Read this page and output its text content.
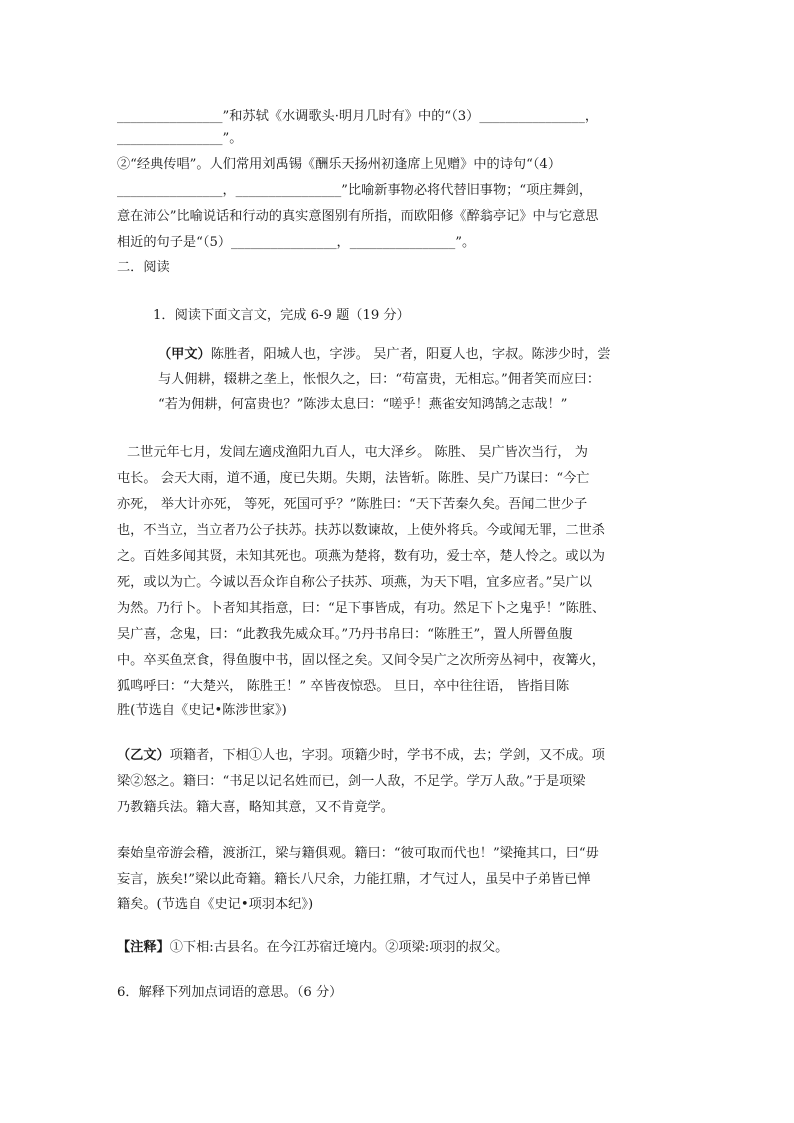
________________”和苏轼《水调歌头·明月几时有》中的“（3）________________，
________________”。
②“经典传唱”。人们常用刘禹锡《酬乐天扬州初逢席上见赠》中的诗句“（4）
________________，________________”比喻新事物必将代替旧事物；“项庄舞剑，
意在沛公”比喻说话和行动的真实意图别有所指，而欧阳修《醉翁亭记》中与它意思
相近的句子是“（5）________________，________________”。
二．阅读
1．阅读下面文言文，完成 6-9 题（19 分）
（甲文）陈胜者，阳城人也，字涉。 吴广者，阳夏人也，字叔。陈涉少时，尝
与人佣耕，辍耕之垄上，怅恨久之，曰：“苟富贵，无相忘。”佣者笑而应曰：
“若为佣耕，何富贵也？”陈涉太息曰：“嗟乎！燕雀安知鸿鹄之志哉！”
二世元年七月，发闾左適戍渔阳九百人，屯大泽乡。 陈胜、 吴广皆次当行， 为
屯长。 会天大雨，道不通，度已失期。失期，法皆斩。陈胜、吴广乃谋曰：“今亡
亦死， 举大计亦死， 等死，死国可乎？”陈胜曰：“天下苦秦久矣。吾闻二世少子
也，不当立，当立者乃公子扶苏。扶苏以数谏故，上使外将兵。今或闻无罪，二世杀
之。百姓多闻其贤，未知其死也。项燕为楚将，数有功，爱士卒，楚人怜之。或以为
死，或以为亡。今诚以吾众诈自称公子扶苏、项燕，为天下唱，宜多应者。”吴广以
为然。乃行卜。卜者知其指意，曰：“足下事皆成，有功。然足下卜之鬼乎！”陈胜、
吴广喜，念鬼，曰：“此教我先威众耳。”乃丹书帛曰：“陈胜王”，置人所罾鱼腹
中。卒买鱼烹食，得鱼腹中书，固以怪之矣。又间令吴广之次所旁丛祠中，夜篝火，
狐鸣呼曰：“大楚兴， 陈胜王！” 卒皆夜惊恐。 旦日，卒中往往语， 皆指目陈
胜(节选自《史记•陈涉世家》)
（乙文）项籍者，下相①人也，字羽。项籍少时，学书不成，去；学剑，又不成。项
梁②怒之。籍曰：“书足以记名姓而已，剑一人敌，不足学。学万人敌。”于是项梁
乃教籍兵法。籍大喜，略知其意，又不肯竟学。
秦始皇帝游会稽，渡浙江，梁与籍俱观。籍曰：“彼可取而代也！”梁掩其口，曰“毋
妄言，族矣!”梁以此奇籍。籍长八尺余，力能扛鼎，才气过人，虽吴中子弟皆已惮
籍矣。(节选自《史记•项羽本纪》)
【注释】①下相:古县名。在今江苏宿迁境内。②项梁:项羽的叔父。
6．解释下列加点词语的意思。（6 分）
